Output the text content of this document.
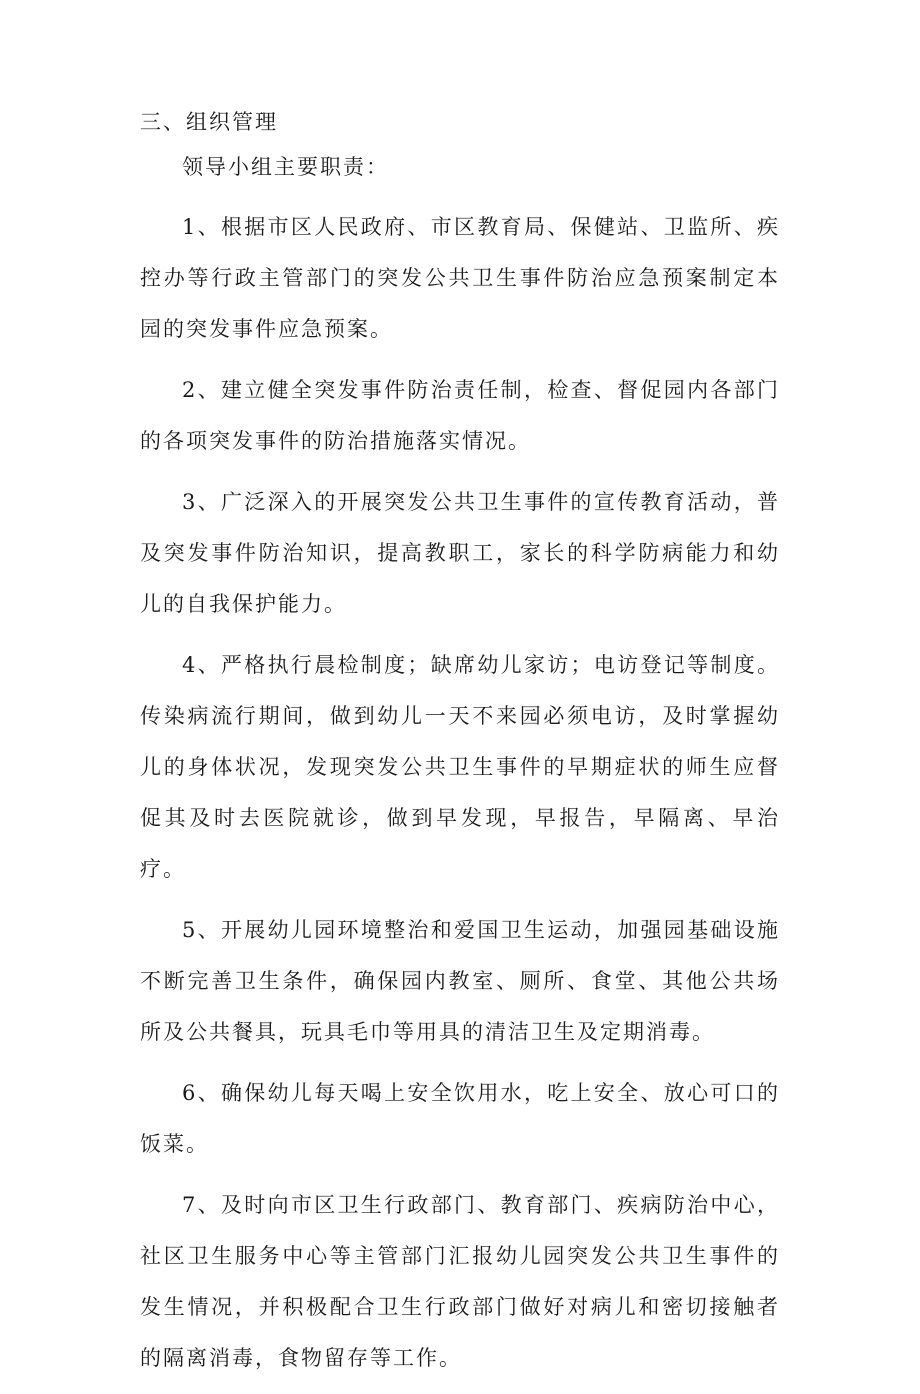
三、组织管理

领导小组主要职责：

1、根据市区人民政府、市区教育局、保健站、卫监所、疾控办等行政主管部门的突发公共卫生事件防治应急预案制定本园的突发事件应急预案。

2、建立健全突发事件防治责任制，检查、督促园内各部门的各项突发事件的防治措施落实情况。

3、广泛深入的开展突发公共卫生事件的宣传教育活动，普及突发事件防治知识，提高教职工，家长的科学防病能力和幼儿的自我保护能力。

4、严格执行晨检制度；缺席幼儿家访；电访登记等制度。传染病流行期间，做到幼儿一天不来园必须电访，及时掌握幼儿的身体状况，发现突发公共卫生事件的早期症状的师生应督促其及时去医院就诊，做到早发现，早报告，早隔离、早治疗。

5、开展幼儿园环境整治和爱国卫生运动，加强园基础设施不断完善卫生条件，确保园内教室、厕所、食堂、其他公共场所及公共餐具，玩具毛巾等用具的清洁卫生及定期消毒。

6、确保幼儿每天喝上安全饮用水，吃上安全、放心可口的饭菜。

7、及时向市区卫生行政部门、教育部门、疾病防治中心，社区卫生服务中心等主管部门汇报幼儿园突发公共卫生事件的发生情况，并积极配合卫生行政部门做好对病儿和密切接触者的隔离消毒，食物留存等工作。
